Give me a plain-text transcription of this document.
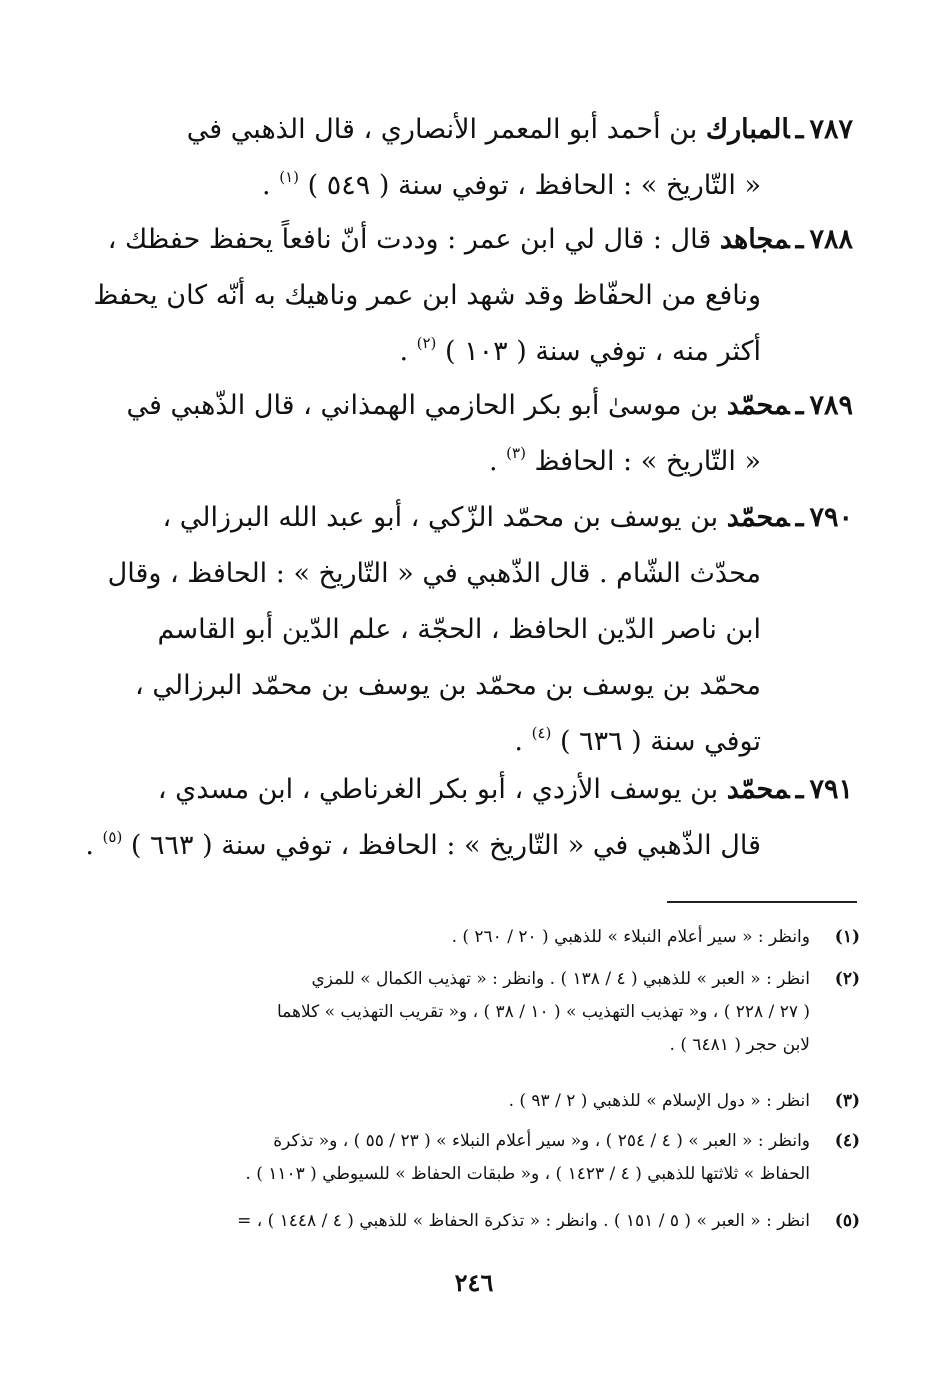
٧٨٧ـالمبارك بن أحمد أبو المعمر الأنصاري ، قال الذهبي في
« التّاريخ » : الحافظ ، توفي سنة ( ٥٤٩ ) $^{(١)}$ .
٧٨٨ـمجاهد قال : قال لي ابن عمر : وددت أنّ نافعاً يحفظ حفظك ،
ونافع من الحفّاظ وقد شهد ابن عمر وناهيك به أنّه كان يحفظ
أكثر منه ، توفي سنة ( ١٠٣ ) $^{(٢)}$ .
٧٨٩ـمحمّد بن موسىٰ أبو بكر الحازمي الهمذاني ، قال الذّهبي في
« التّاريخ » : الحافظ $^{(٣)}$ .
٧٩٠ـمحمّد بن يوسف بن محمّد الزّكي ، أبو عبد الله البرزالي ،
محدّث الشّام . قال الذّهبي في « التّاريخ » : الحافظ ، وقال
ابن ناصر الدّين الحافظ ، الحجّة ، علم الدّين أبو القاسم
محمّد بن يوسف بن محمّد بن يوسف بن محمّد البرزالي ،
توفي سنة ( ٦٣٦ ) $^{(٤)}$ .
٧٩١ـمحمّد بن يوسف الأزدي ، أبو بكر الغرناطي ، ابن مسدي ،
قال الذّهبي في « التّاريخ » : الحافظ ، توفي سنة ( ٦٦٣ ) $^{(٥)}$ .
(١)وانظر : « سير أعلام النبلاء » للذهبي ( ٢٠ / ٢٦٠ ) .
(٢)انظر : « العبر » للذهبي ( ٤ / ١٣٨ ) . وانظر : « تهذيب الكمال » للمزي
( ٢٧ / ٢٢٨ ) ، و« تهذيب التهذيب » ( ١٠ / ٣٨ ) ، و« تقريب التهذيب » كلاهما
لابن حجر ( ٦٤٨١ ) .
(٣)انظر : « دول الإسلام » للذهبي ( ٢ / ٩٣ ) .
(٤)وانظر : « العبر » ( ٤ / ٢٥٤ ) ، و« سير أعلام النبلاء » ( ٢٣ / ٥٥ ) ، و« تذكرة
الحفاظ » ثلاثتها للذهبي ( ٤ / ١٤٢٣ ) ، و« طبقات الحفاظ » للسيوطي ( ١١٠٣ ) .
(٥)انظر : « العبر » ( ٥ / ١٥١ ) . وانظر : « تذكرة الحفاظ » للذهبي ( ٤ / ١٤٤٨ ) ، =
٢٤٦
